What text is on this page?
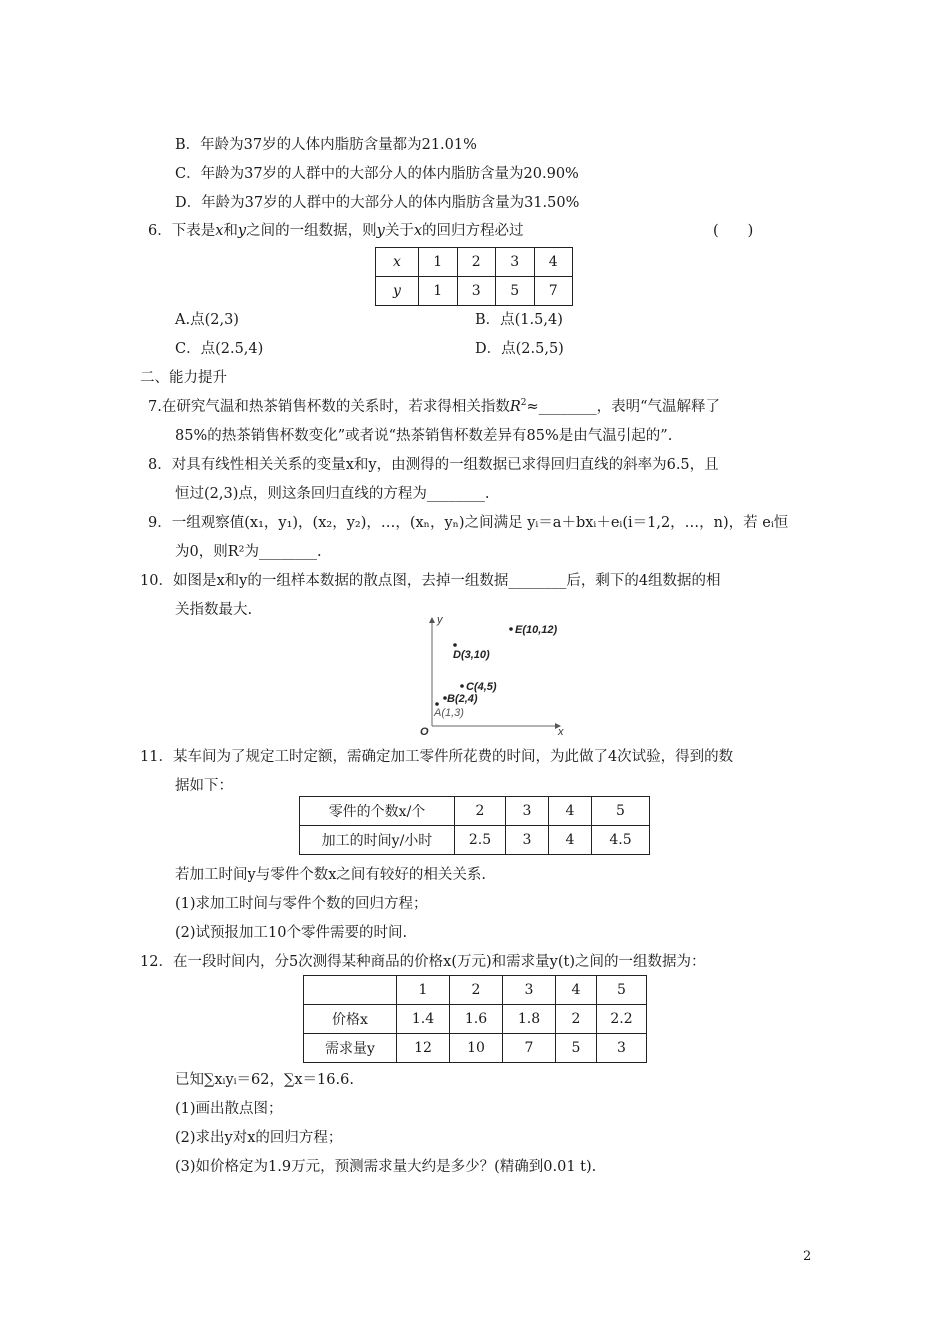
B．年龄为37岁的人体内脂肪含量都为21.01%
C．年龄为37岁的人群中的大部分人的体内脂肪含量为20.90%
D．年龄为37岁的人群中的大部分人的体内脂肪含量为31.50%
6．下表是x和y之间的一组数据，则y关于x的回归方程必过	(　　)
x	1	2	3	4
y	1	3	5	7
A.点(2,3)	B．点(1.5,4)
C．点(2.5,4)	D．点(2.5,5)
二、能力提升
7.在研究气温和热茶销售杯数的关系时，若求得相关指数$R^2\approx\_\_\_\_\_\_\_\_$，表明“气温解释了
85%的热茶销售杯数变化”或者说“热茶销售杯数差异有85%是由气温引起的”.
8．对具有线性相关关系的变量x和y，由测得的一组数据已求得回归直线的斜率为6.5，且
恒过(2,3)点，则这条回归直线的方程为________.
9．一组观察值(x₁，y₁)，(x₂，y₂)，…，(xₙ，yₙ)之间满足 yᵢ＝a＋bxᵢ＋eᵢ(i＝1,2，…，n)，若 eᵢ恒
为0，则R²为________.
10．如图是x和y的一组样本数据的散点图，去掉一组数据________后，剩下的4组数据的相
关指数最大.
y
x
O
E(10,12)
D(3,10)
C(4,5)
B(2,4)
A(1,3)
11．某车间为了规定工时定额，需确定加工零件所花费的时间，为此做了4次试验，得到的数
据如下：
零件的个数x/个	2	3	4	5
加工的时间y/小时	2.5	3	4	4.5
若加工时间y与零件个数x之间有较好的相关关系.
(1)求加工时间与零件个数的回归方程；
(2)试预报加工10个零件需要的时间.
12．在一段时间内，分5次测得某种商品的价格x(万元)和需求量y(t)之间的一组数据为：
	1	2	3	4	5
价格x	1.4	1.6	1.8	2	2.2
需求量y	12	10	7	5	3
已知∑xᵢyᵢ＝62，∑x＝16.6.
(1)画出散点图；
(2)求出y对x的回归方程；
(3)如价格定为1.9万元，预测需求量大约是多少？(精确到0.01 t).
2
